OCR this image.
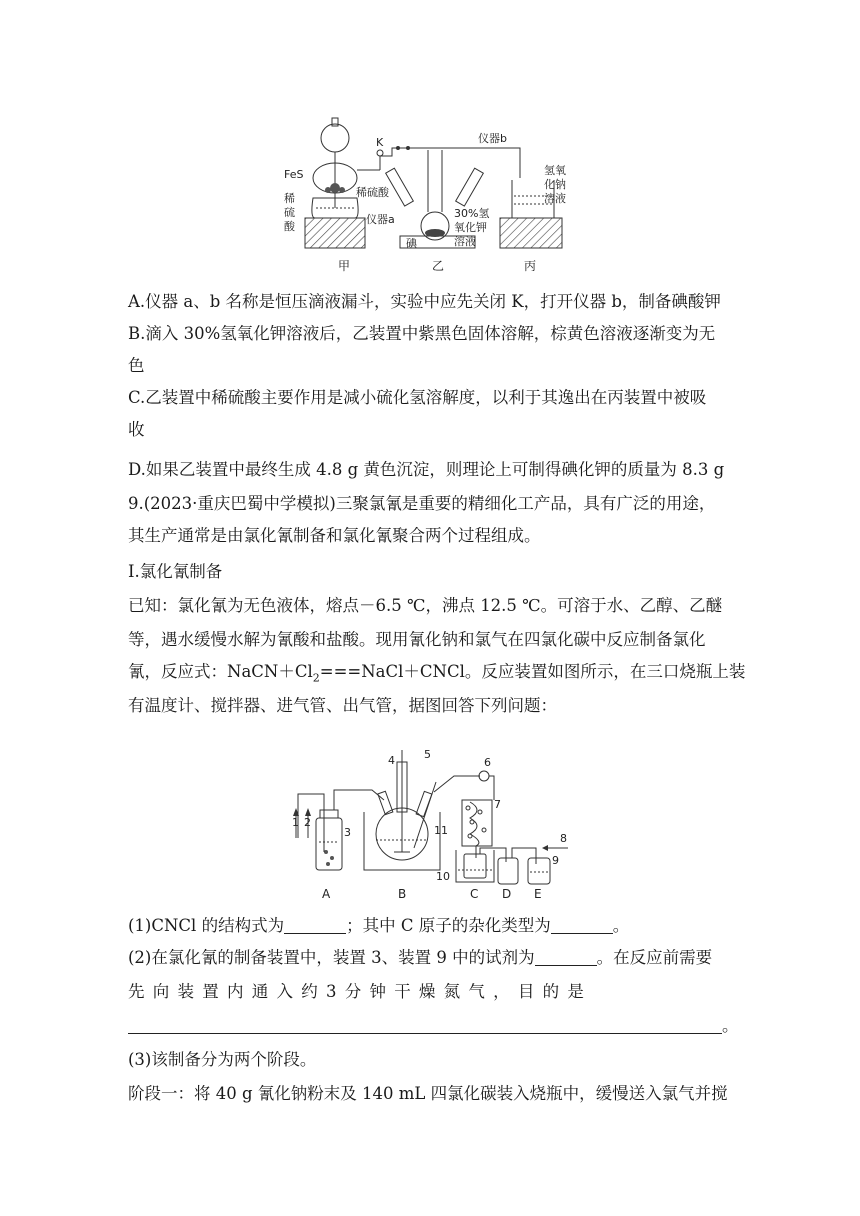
FeS
K	仪器b
稀
硫
酸
稀硫酸
仪器a	30%氢
氧化钾
溶液
碘
氢氧
化钠
溶液
甲	乙	丙
A.仪器 a、b 名称是恒压滴液漏斗，实验中应先关闭 K，打开仪器 b，制备碘酸钾
B.滴入 30%氢氧化钾溶液后，乙装置中紫黑色固体溶解，棕黄色溶液逐渐变为无
色
C.乙装置中稀硫酸主要作用是减小硫化氢溶解度，以利于其逸出在丙装置中被吸
收
D.如果乙装置中最终生成 4.8 g 黄色沉淀，则理论上可制得碘化钾的质量为 8.3 g
9.(2023·重庆巴蜀中学模拟)三聚氯氰是重要的精细化工产品，具有广泛的用途，
其生产通常是由氯化氰制备和氯化氰聚合两个过程组成。
Ⅰ.氯化氰制备
已知：氯化氰为无色液体，熔点－6.5 ℃，沸点 12.5 ℃。可溶于水、乙醇、乙醚
等，遇水缓慢水解为氰酸和盐酸。现用氰化钠和氯气在四氯化碳中反应制备氯化
氰，反应式：$NaCN+Cl_2===NaCl+CNCl$。反应装置如图所示，在三口烧瓶上装
有温度计、搅拌器、进气管、出气管，据图回答下列问题：
1 2
3
4	5
6
7
8
9
10
11
A	B	C D E
(1)CNCl 的结构式为	；其中 C 原子的杂化类型为	。
(2)在氯化氰的制备装置中，装置 3、装置 9 中的试剂为	。在反应前需要
先 向 装 置 内 通 入 约 3 分 钟 干 燥 氮 气 ， 目 的 是
。
(3)该制备分为两个阶段。
阶段一：将 40 g 氰化钠粉末及 140 mL 四氯化碳装入烧瓶中，缓慢送入氯气并搅
